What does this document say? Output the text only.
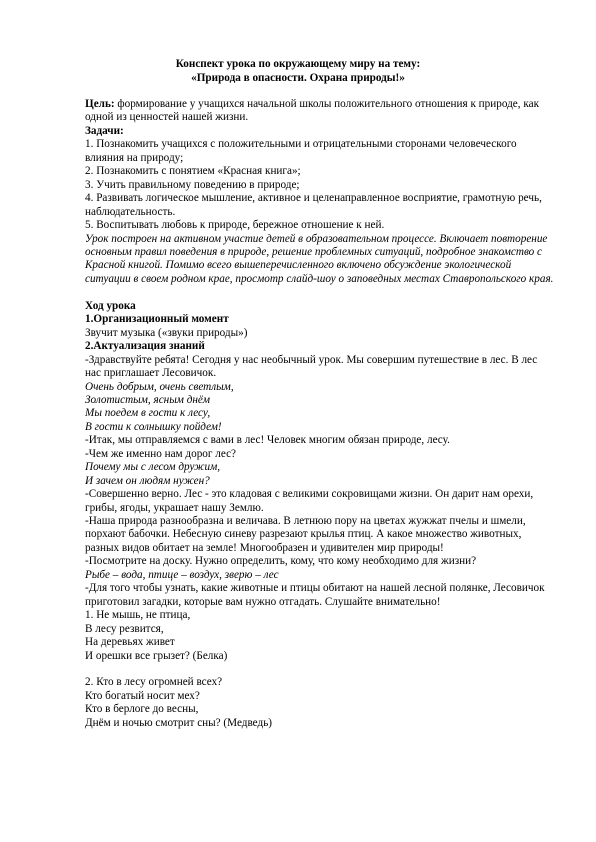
Конспект урока по окружающему миру на тему:
«Природа в опасности. Охрана природы!»

Цель: формирование у учащихся начальной школы положительного отношения к природе, как одной из ценностей нашей жизни.

Задачи:

1. Познакомить учащихся с положительными и отрицательными сторонами человеческого влияния на природу;

2. Познакомить с понятием «Красная книга»;

3. Учить правильному поведению в природе;

4. Развивать логическое мышление, активное и целенаправленное восприятие, грамотную речь, наблюдательность.

5. Воспитывать любовь к природе, бережное отношение к ней.

Урок построен на активном участие детей в образовательном процессе. Включает повторение основным правил поведения в природе, решение проблемных ситуаций, подробное знакомство с Красной книгой. Помимо всего вышеперечисленного включено обсуждение экологической ситуации в своем родном крае, просмотр слайд-шоу о заповедных местах Ставропольского края.

Ход урока

1.Организационный момент

Звучит музыка («звуки природы»)

2.Актуализация знаний

-Здравствуйте ребята! Сегодня у нас необычный урок. Мы совершим путешествие в лес. В лес нас приглашает Лесовичок.

Очень добрым, очень светлым,

Золотистым, ясным днём

Мы поедем в гости к лесу,

В гости к солнышку пойдем!

-Итак, мы отправляемся с вами в лес! Человек многим обязан природе, лесу.

-Чем же именно нам дорог лес?

Почему мы с лесом дружим,

И зачем он людям нужен?

-Совершенно верно. Лес - это кладовая с великими сокровищами жизни. Он дарит нам орехи, грибы, ягоды, украшает нашу Землю.

-Наша природа разнообразна и величава. В летнюю пору на цветах жужжат пчелы и шмели, порхают бабочки. Небесную синеву разрезают крылья птиц. А какое множество животных, разных видов обитает на земле! Многообразен и удивителен мир природы!

-Посмотрите на доску. Нужно определить, кому, что кому необходимо для жизни?

Рыбе – вода, птице – воздух, зверю – лес

-Для того чтобы узнать, какие животные и птицы обитают на нашей лесной полянке, Лесовичок приготовил загадки, которые вам нужно отгадать. Слушайте внимательно!

1. Не мышь, не птица,

В лесу резвится,

На деревьях живет

И орешки все грызет? (Белка)

2. Кто в лесу огромней всех?

Кто богатый носит мех?

Кто в берлоге до весны,

Днём и ночью смотрит сны? (Медведь)
